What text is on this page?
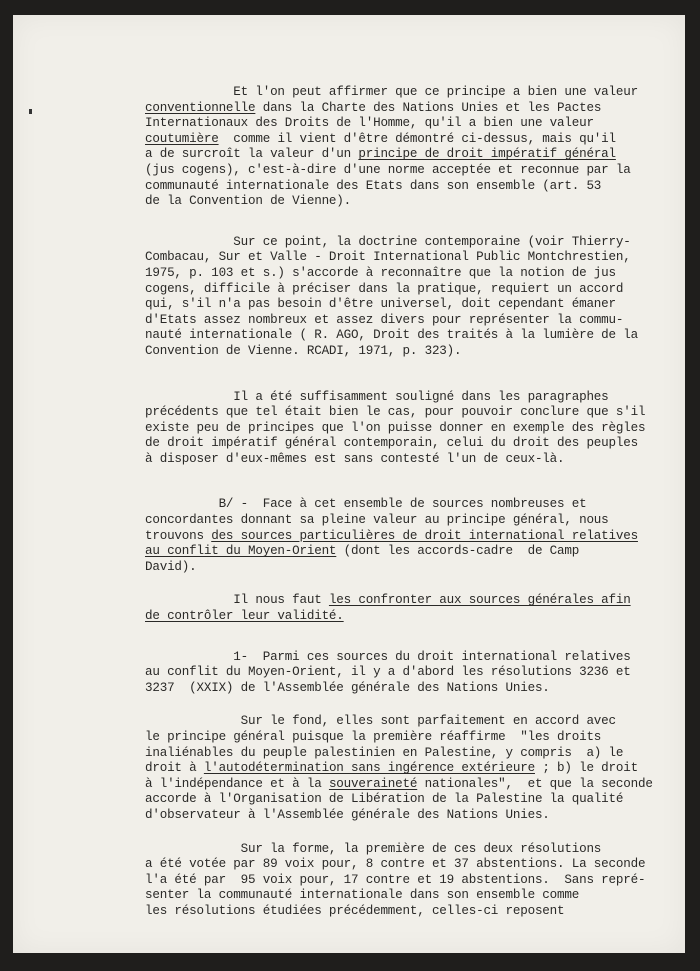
Et l'on peut affirmer que ce principe a bien une valeur
conventionnelle dans la Charte des Nations Unies et les Pactes
Internationaux des Droits de l'Homme, qu'il a bien une valeur
coutumière  comme il vient d'être démontré ci-dessus, mais qu'il
a de surcroît la valeur d'un principe de droit impératif général
(jus cogens), c'est-à-dire d'une norme acceptée et reconnue par la
communauté internationale des Etats dans son ensemble (art. 53
de la Convention de Vienne).
Sur ce point, la doctrine contemporaine (voir Thierry-
Combacau, Sur et Valle - Droit International Public Montchrestien,
1975, p. 103 et s.) s'accorde à reconnaître que la notion de jus
cogens, difficile à préciser dans la pratique, requiert un accord
qui, s'il n'a pas besoin d'être universel, doit cependant émaner
d'Etats assez nombreux et assez divers pour représenter la commu-
nauté internationale ( R. AGO, Droit des traités à la lumière de la
Convention de Vienne. RCADI, 1971, p. 323).
Il a été suffisamment souligné dans les paragraphes
précédents que tel était bien le cas, pour pouvoir conclure que s'il
existe peu de principes que l'on puisse donner en exemple des règles
de droit impératif général contemporain, celui du droit des peuples
à disposer d'eux-mêmes est sans contesté l'un de ceux-là.
B/ -  Face à cet ensemble de sources nombreuses et
concordantes donnant sa pleine valeur au principe général, nous
trouvons des sources particulières de droit international relatives
au conflit du Moyen-Orient (dont les accords-cadre  de Camp
David).
Il nous faut les confronter aux sources générales afin
de contrôler leur validité.
1-  Parmi ces sources du droit international relatives
au conflit du Moyen-Orient, il y a d'abord les résolutions 3236 et
3237  (XXIX) de l'Assemblée générale des Nations Unies.
Sur le fond, elles sont parfaitement en accord avec
le principe général puisque la première réaffirme  "les droits
inaliénables du peuple palestinien en Palestine, y compris  a) le
droit à l'autodétermination sans ingérence extérieure ; b) le droit
à l'indépendance et à la souveraineté nationales",  et que la seconde
accorde à l'Organisation de Libération de la Palestine la qualité
d'observateur à l'Assemblée générale des Nations Unies.
Sur la forme, la première de ces deux résolutions
a été votée par 89 voix pour, 8 contre et 37 abstentions. La seconde
l'a été par  95 voix pour, 17 contre et 19 abstentions.  Sans repré-
senter la communauté internationale dans son ensemble comme
les résolutions étudiées précédemment, celles-ci reposent
